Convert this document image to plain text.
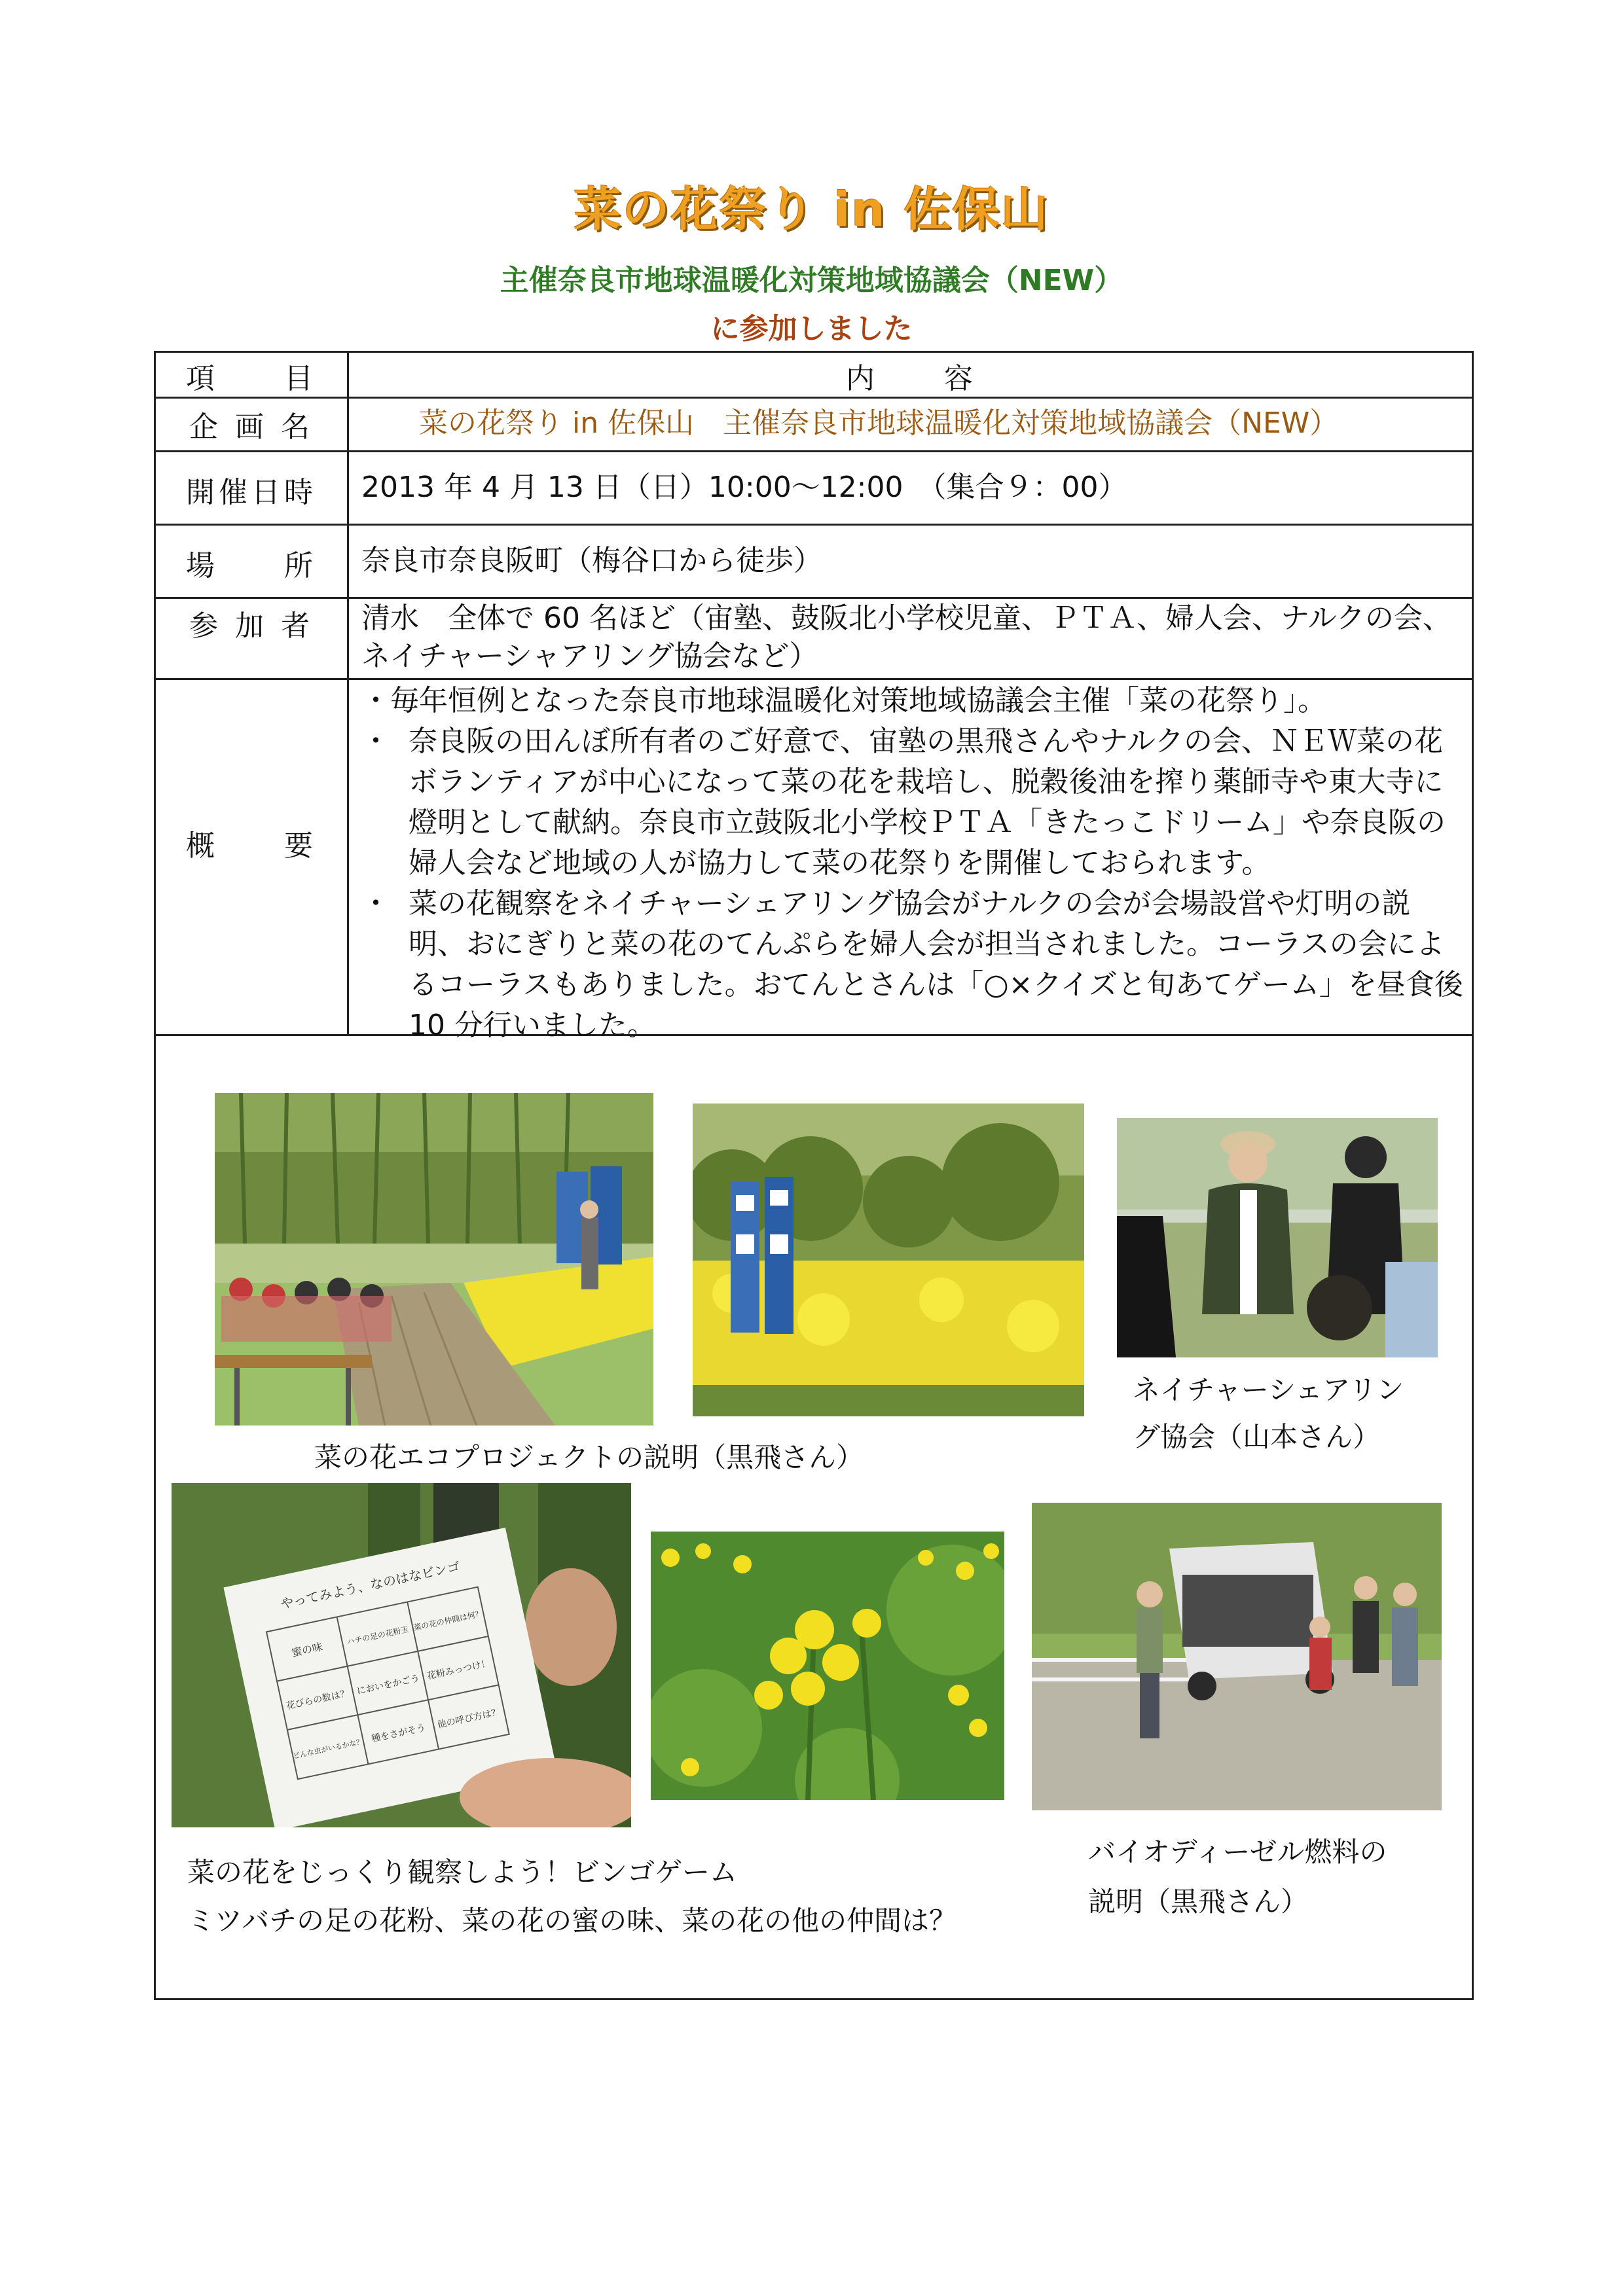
菜の花祭り in 佐保山
主催奈良市地球温暖化対策地域協議会（NEW）
に参加しました
項　　目	内　　容
企 画 名	菜の花祭り in 佐保山　主催奈良市地球温暖化対策地域協議会（NEW）
開催日時	2013 年 4 月 13 日（日）10:00〜12:00　（集合９：00）
場　　所	奈良市奈良阪町（梅谷口から徒歩）
参 加 者	清水　全体で 60 名ほど（宙塾、鼓阪北小学校児童、ＰＴＡ、婦人会、ナルクの会、
ネイチャーシャアリング協会など）
概　　要
・毎年恒例となった奈良市地球温暖化対策地域協議会主催「菜の花祭り」。
・ 奈良阪の田んぼ所有者のご好意で、宙塾の黒飛さんやナルクの会、ＮＥＷ菜の花ボランティアが中心になって菜の花を栽培し、脱穀後油を搾り薬師寺や東大寺に燈明として献納。奈良市立鼓阪北小学校ＰＴＡ「きたっこドリーム」や奈良阪の婦人会など地域の人が協力して菜の花祭りを開催しておられます。
・ 菜の花観察をネイチャーシェアリング協会がナルクの会が会場設営や灯明の説明、おにぎりと菜の花のてんぷらを婦人会が担当されました。コーラスの会によるコーラスもありました。おてんとさんは「○×クイズと旬あてゲーム」を昼食後 10 分行いました。
やってみよう、なのはなビンゴ
蜜の味
ハチの足の花粉玉
菜の花の仲間は何？
花びらの数は？
においをかごう
花粉みっつけ！
どんな虫がいるかな？
種をさがそう
他の呼び方は？
菜の花エコプロジェクトの説明（黒飛さん）
ネイチャーシェアリン
グ協会（山本さん）
菜の花をじっくり観察しよう！ビンゴゲーム
ミツバチの足の花粉、菜の花の蜜の味、菜の花の他の仲間は？
バイオディーゼル燃料の
説明（黒飛さん）
